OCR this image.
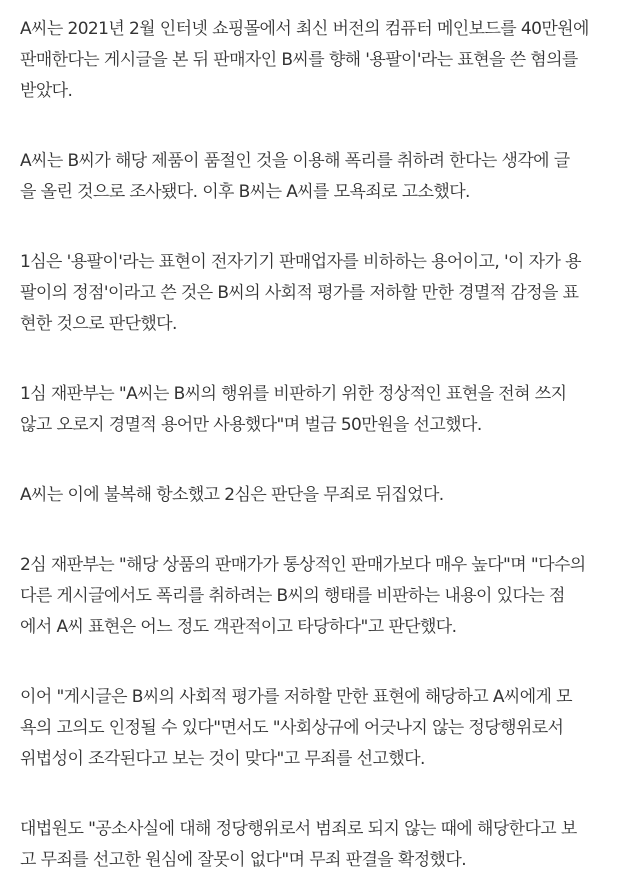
A씨는 2021년 2월 인터넷 쇼핑몰에서 최신 버전의 컴퓨터 메인보드를 40만원에
판매한다는 게시글을 본 뒤 판매자인 B씨를 향해 '용팔이'라는 표현을 쓴 혐의를
받았다.

A씨는 B씨가 해당 제품이 품절인 것을 이용해 폭리를 취하려 한다는 생각에 글
을 올린 것으로 조사됐다. 이후 B씨는 A씨를 모욕죄로 고소했다.

1심은 '용팔이'라는 표현이 전자기기 판매업자를 비하하는 용어이고, '이 자가 용
팔이의 정점'이라고 쓴 것은 B씨의 사회적 평가를 저하할 만한 경멸적 감정을 표
현한 것으로 판단했다.

1심 재판부는 "A씨는 B씨의 행위를 비판하기 위한 정상적인 표현을 전혀 쓰지
않고 오로지 경멸적 용어만 사용했다"며 벌금 50만원을 선고했다.

A씨는 이에 불복해 항소했고 2심은 판단을 무죄로 뒤집었다.

2심 재판부는 "해당 상품의 판매가가 통상적인 판매가보다 매우 높다"며 "다수의
다른 게시글에서도 폭리를 취하려는 B씨의 행태를 비판하는 내용이 있다는 점
에서 A씨 표현은 어느 정도 객관적이고 타당하다"고 판단했다.

이어 "게시글은 B씨의 사회적 평가를 저하할 만한 표현에 해당하고 A씨에게 모
욕의 고의도 인정될 수 있다"면서도 "사회상규에 어긋나지 않는 정당행위로서
위법성이 조각된다고 보는 것이 맞다"고 무죄를 선고했다.

대법원도 "공소사실에 대해 정당행위로서 범죄로 되지 않는 때에 해당한다고 보
고 무죄를 선고한 원심에 잘못이 없다"며 무죄 판결을 확정했다.
